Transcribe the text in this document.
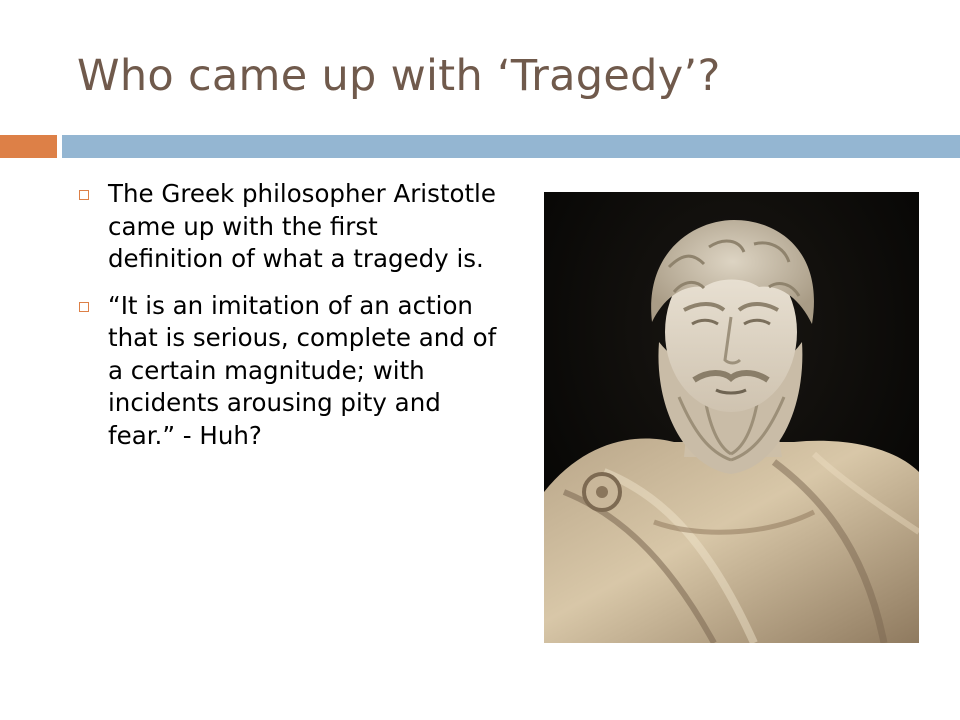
Who came up with ‘Tragedy’?
The Greek philosopher Aristotle came up with the first definition of what a tragedy is.
“It is an imitation of an action that is serious, complete and of a certain magnitude; with incidents arousing pity and fear.” - Huh?
